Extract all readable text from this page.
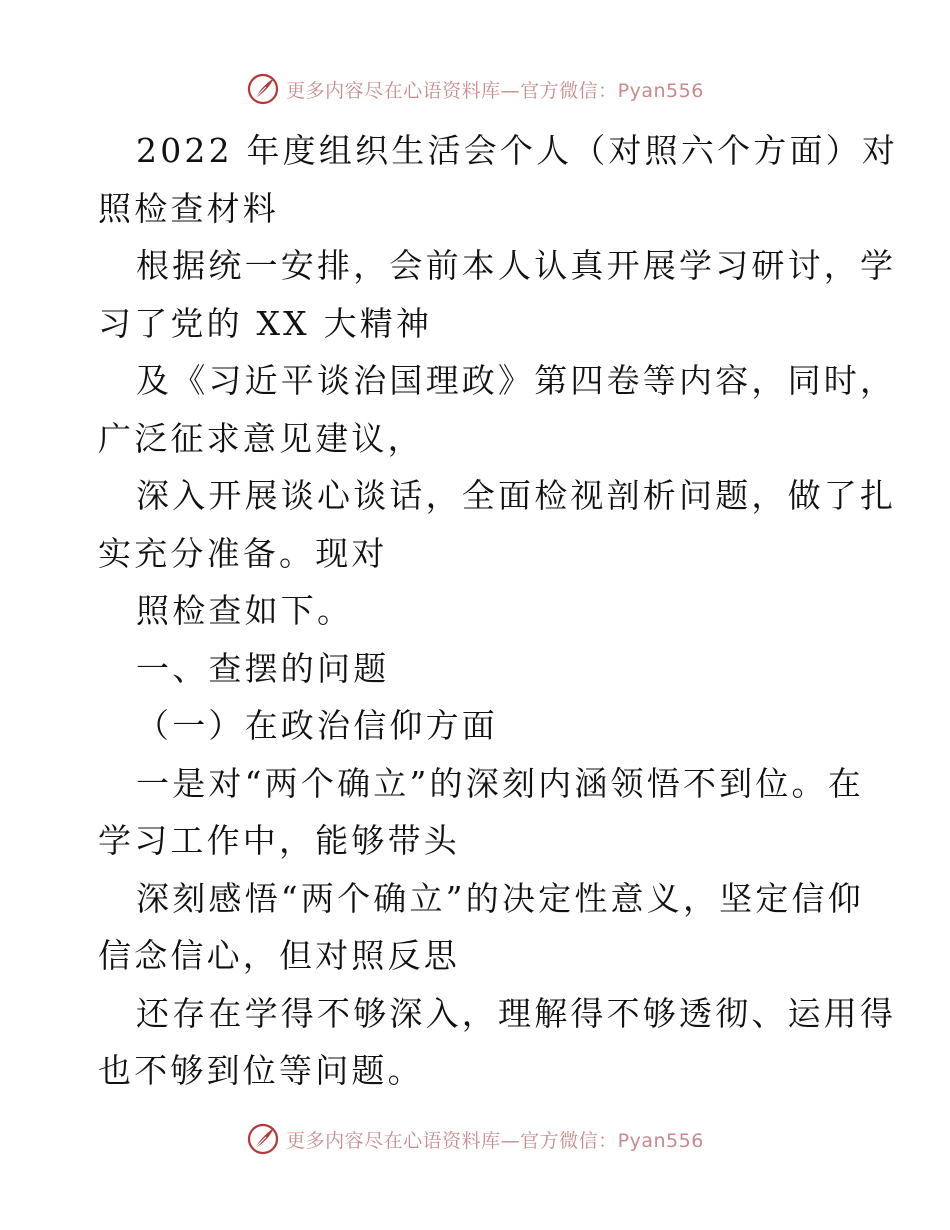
更多内容尽在心语资料库—官方微信：Pyan556
2022 年度组织生活会个人（对照六个方面）对
照检查材料
根据统一安排，会前本人认真开展学习研讨，学
习了党的 XX 大精神
及《习近平谈治国理政》第四卷等内容，同时，
广泛征求意见建议，
深入开展谈心谈话，全面检视剖析问题，做了扎
实充分准备。现对
照检查如下。
一、查摆的问题
（一）在政治信仰方面
一是对“两个确立”的深刻内涵领悟不到位。在
学习工作中，能够带头
深刻感悟“两个确立”的决定性意义，坚定信仰
信念信心，但对照反思
还存在学得不够深入，理解得不够透彻、运用得
也不够到位等问题。
更多内容尽在心语资料库—官方微信：Pyan556
